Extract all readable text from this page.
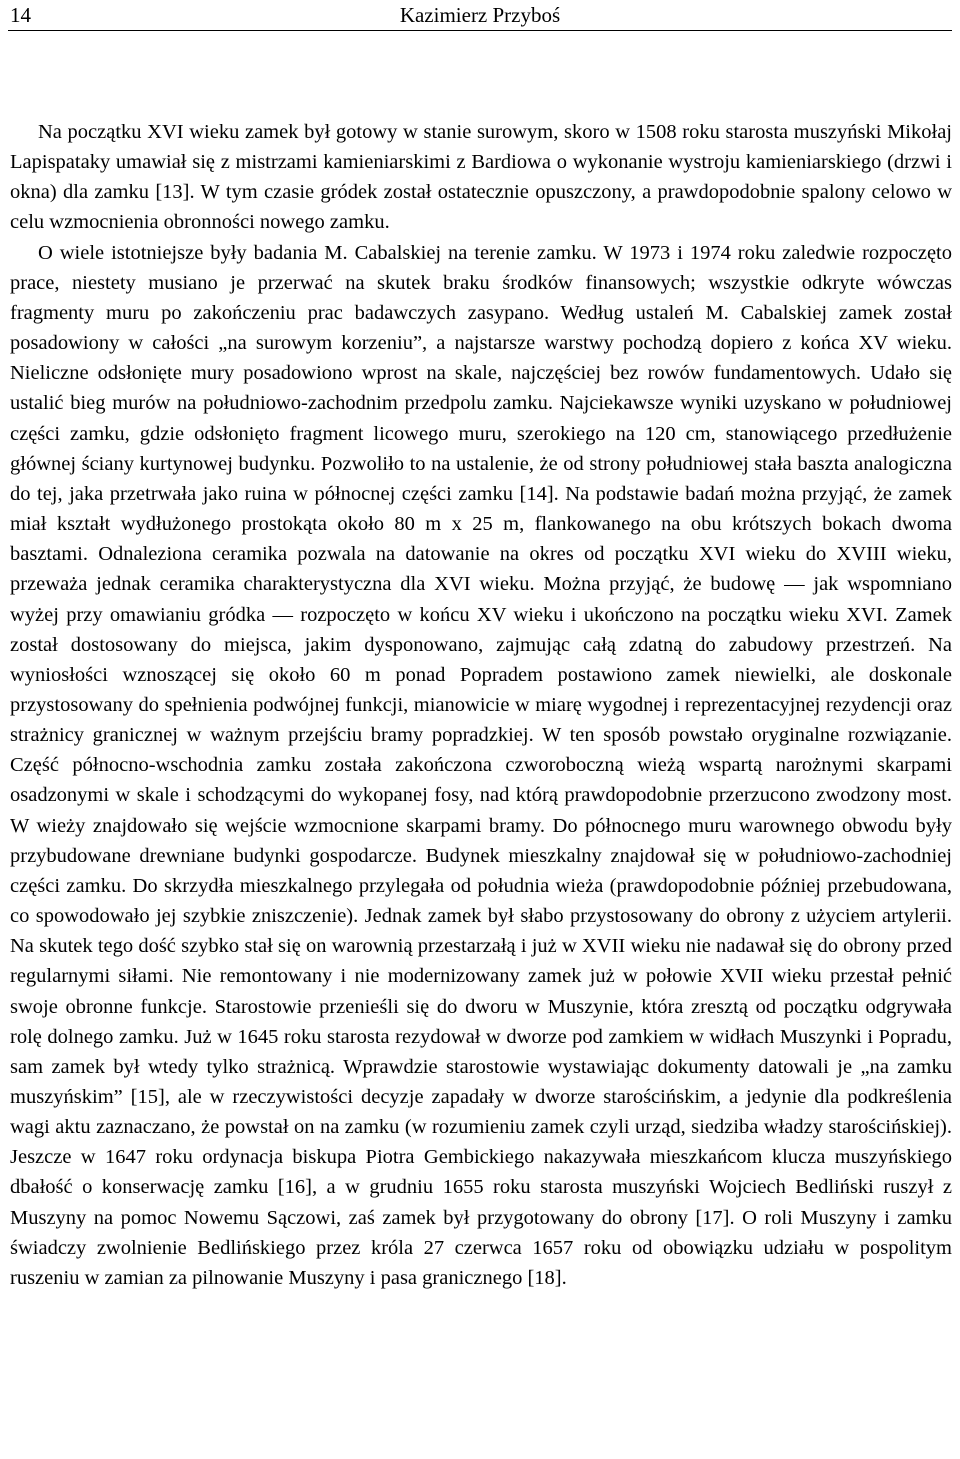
14	Kazimierz Przyboś

Na początku XVI wieku zamek był gotowy w stanie surowym, skoro w 1508 roku starosta muszyński Mikołaj Lapispataky umawiał się z mistrzami kamieniarskimi z Bardiowa o wykonanie wystroju kamieniarskiego (drzwi i okna) dla zamku [13]. W tym czasie gródek został ostatecznie opuszczony, a prawdopodobnie spalony celowo w celu wzmocnienia obronności nowego zamku.

O wiele istotniejsze były badania M. Cabalskiej na terenie zamku. W 1973 i 1974 roku zaledwie rozpoczęto prace, niestety musiano je przerwać na skutek braku środków finansowych; wszystkie odkryte wówczas fragmenty muru po zakończeniu prac badawczych zasypano. Według ustaleń M. Cabalskiej zamek został posadowiony w całości „na surowym korzeniu”, a najstarsze warstwy pochodzą dopiero z końca XV wieku. Nieliczne odsłonięte mury posadowiono wprost na skale, najczęściej bez rowów fundamentowych. Udało się ustalić bieg murów na południowo-zachodnim przedpolu zamku. Najciekawsze wyniki uzyskano w południowej części zamku, gdzie odsłonięto fragment licowego muru, szerokiego na 120 cm, stanowiącego przedłużenie głównej ściany kurtynowej budynku. Pozwoliło to na ustalenie, że od strony południowej stała baszta analogiczna do tej, jaka przetrwała jako ruina w północnej części zamku [14]. Na podstawie badań można przyjąć, że zamek miał kształt wydłużonego prostokąta około 80 m x 25 m, flankowanego na obu krótszych bokach dwoma basztami. Odnaleziona ceramika pozwala na datowanie na okres od początku XVI wieku do XVIII wieku, przeważa jednak ceramika charakterystyczna dla XVI wieku. Można przyjąć, że budowę — jak wspomniano wyżej przy omawianiu gródka — rozpoczęto w końcu XV wieku i ukończono na początku wieku XVI. Zamek został dostosowany do miejsca, jakim dysponowano, zajmując całą zdatną do zabudowy przestrzeń. Na wyniosłości wznoszącej się około 60 m ponad Popradem postawiono zamek niewielki, ale doskonale przystosowany do spełnienia podwójnej funkcji, mianowicie w miarę wygodnej i reprezentacyjnej rezydencji oraz strażnicy granicznej w ważnym przejściu bramy popradzkiej. W ten sposób powstało oryginalne rozwiązanie. Część północno-wschodnia zamku została zakończona czworoboczną wieżą wspartą narożnymi skarpami osadzonymi w skale i schodzącymi do wykopanej fosy, nad którą prawdopodobnie przerzucono zwodzony most. W wieży znajdowało się wejście wzmocnione skarpami bramy. Do północnego muru warownego obwodu były przybudowane drewniane budynki gospodarcze. Budynek mieszkalny znajdował się w południowo-zachodniej części zamku. Do skrzydła mieszkalnego przylegała od południa wieża (prawdopodobnie później przebudowana, co spowodowało jej szybkie zniszczenie). Jednak zamek był słabo przystosowany do obrony z użyciem artylerii. Na skutek tego dość szybko stał się on warownią przestarzałą i już w XVII wieku nie nadawał się do obrony przed regularnymi siłami. Nie remontowany i nie modernizowany zamek już w połowie XVII wieku przestał pełnić swoje obronne funkcje. Starostowie przenieśli się do dworu w Muszynie, która zresztą od początku odgrywała rolę dolnego zamku. Już w 1645 roku starosta rezydował w dworze pod zamkiem w widłach Muszynki i Popradu, sam zamek był wtedy tylko strażnicą. Wprawdzie starostowie wystawiając dokumenty datowali je „na zamku muszyńskim” [15], ale w rzeczywistości decyzje zapadały w dworze starościńskim, a jedynie dla podkreślenia wagi aktu zaznaczano, że powstał on na zamku (w rozumieniu zamek czyli urząd, siedziba władzy starościńskiej). Jeszcze w 1647 roku ordynacja biskupa Piotra Gembickiego nakazywała mieszkańcom klucza muszyńskiego dbałość o konserwację zamku [16], a w grudniu 1655 roku starosta muszyński Wojciech Bedliński ruszył z Muszyny na pomoc Nowemu Sączowi, zaś zamek był przygotowany do obrony [17]. O roli Muszyny i zamku świadczy zwolnienie Bedlińskiego przez króla 27 czerwca 1657 roku od obowiązku udziału w pospolitym ruszeniu w zamian za pilnowanie Muszyny i pasa granicznego [18].
